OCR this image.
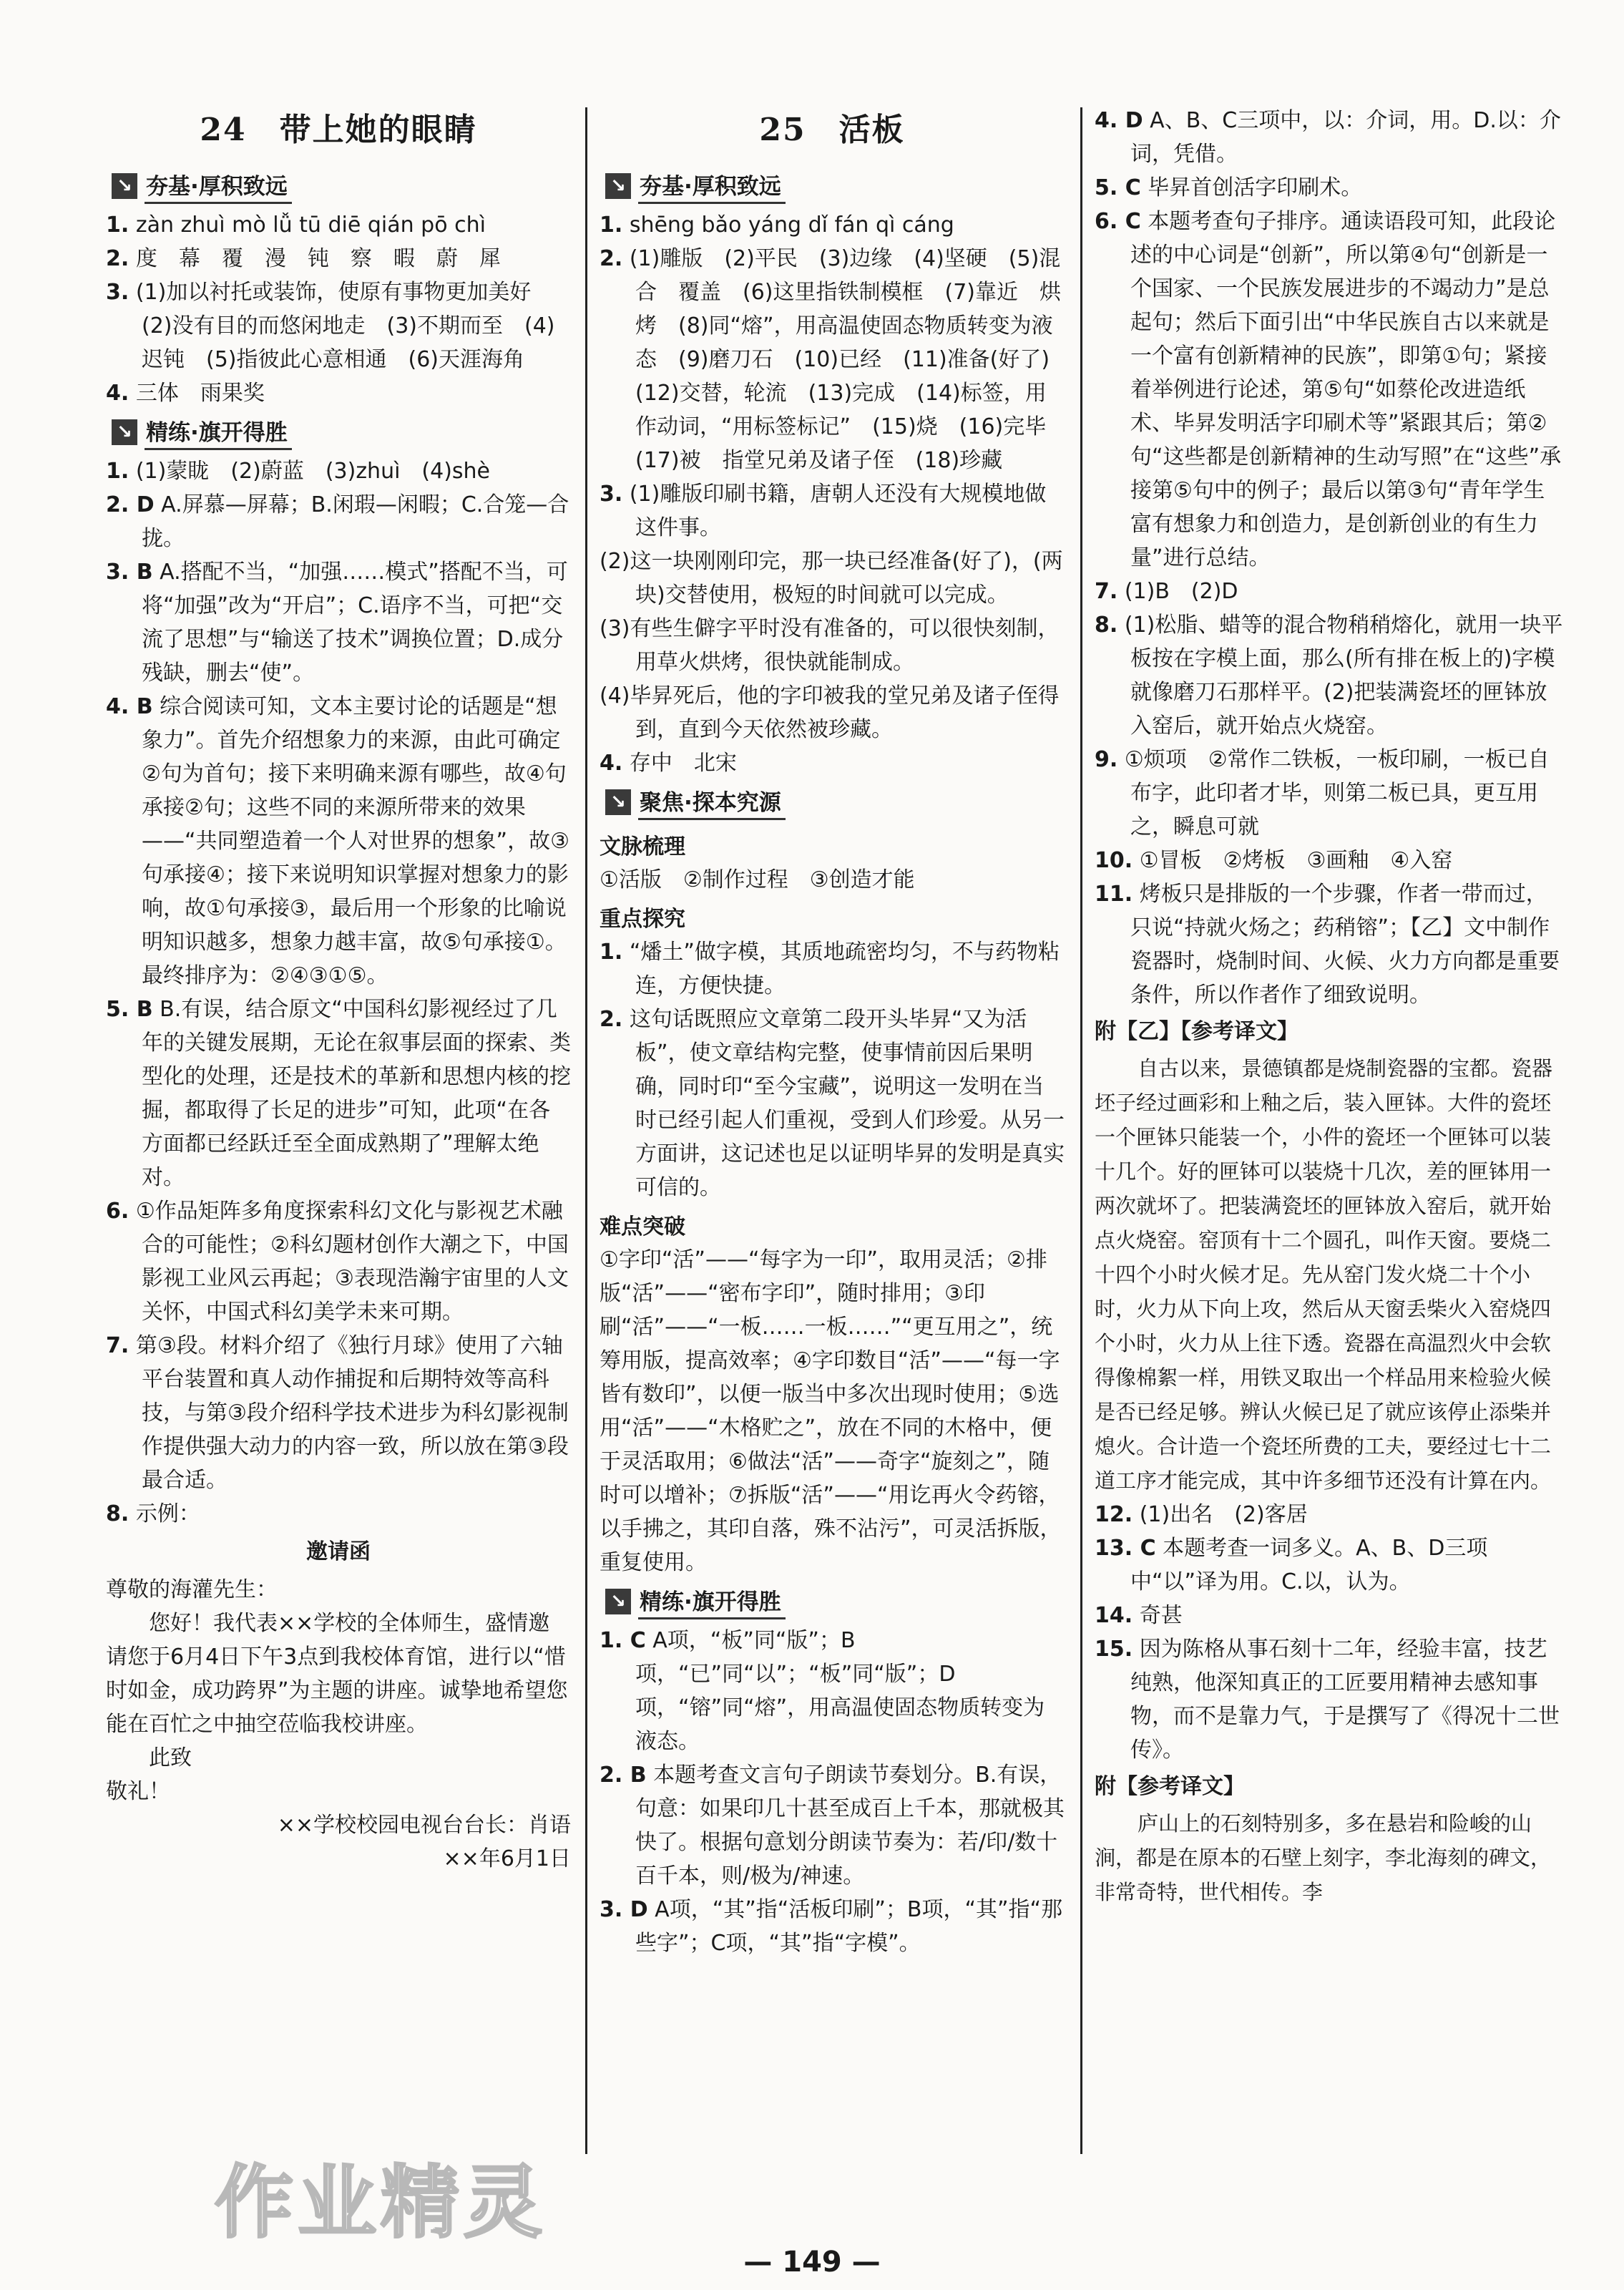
24　带上她的眼睛
↘ 夯基·厚积致远

1. zàn zhuì mò lǚ tū diē qián pō chì

2. 度　幕　覆　漫　钝　察　暇　蔚　犀

3. (1)加以衬托或装饰，使原有事物更加美好　(2)没有目的而悠闲地走　(3)不期而至　(4)迟钝　(5)指彼此心意相通　(6)天涯海角

4. 三体　雨果奖

↘ 精练·旗开得胜

1. (1)蒙眬　(2)蔚蓝　(3)zhuì　(4)shè

2. D A.屏慕—屏幕；B.闲瑕—闲暇；C.合笼—合拢。

3. B A.搭配不当，“加强……模式”搭配不当，可将“加强”改为“开启”；C.语序不当，可把“交流了思想”与“输送了技术”调换位置；D.成分残缺，删去“使”。

4. B 综合阅读可知，文本主要讨论的话题是“想象力”。首先介绍想象力的来源，由此可确定②句为首句；接下来明确来源有哪些，故④句承接②句；这些不同的来源所带来的效果——“共同塑造着一个人对世界的想象”，故③句承接④；接下来说明知识掌握对想象力的影响，故①句承接③，最后用一个形象的比喻说明知识越多，想象力越丰富，故⑤句承接①。最终排序为：②④③①⑤。

5. B B.有误，结合原文“中国科幻影视经过了几年的关键发展期，无论在叙事层面的探索、类型化的处理，还是技术的革新和思想内核的挖掘，都取得了长足的进步”可知，此项“在各方面都已经跃迁至全面成熟期了”理解太绝对。

6. ①作品矩阵多角度探索科幻文化与影视艺术融合的可能性；②科幻题材创作大潮之下，中国影视工业风云再起；③表现浩瀚宇宙里的人文关怀，中国式科幻美学未来可期。

7. 第③段。材料介绍了《独行月球》使用了六轴平台装置和真人动作捕捉和后期特效等高科技，与第③段介绍科学技术进步为科幻影视制作提供强大动力的内容一致，所以放在第③段最合适。

8. 示例：

邀请函

尊敬的海灌先生：

您好！我代表××学校的全体师生，盛情邀请您于6月4日下午3点到我校体育馆，进行以“惜时如金，成功跨界”为主题的讲座。诚挚地希望您能在百忙之中抽空莅临我校讲座。

此致

敬礼！

××学校校园电视台台长：肖语

××年6月1日

25　活板
↘ 夯基·厚积致远

1. shēng bǎo yáng dǐ fán qì cáng

2. (1)雕版　(2)平民　(3)边缘　(4)坚硬　(5)混合　覆盖　(6)这里指铁制模框　(7)靠近　烘烤　(8)同“熔”，用高温使固态物质转变为液态　(9)磨刀石　(10)已经　(11)准备(好了)　(12)交替，轮流　(13)完成　(14)标签，用作动词，“用标签标记”　(15)烧　(16)完毕　(17)被　指堂兄弟及诸子侄　(18)珍藏

3. (1)雕版印刷书籍，唐朝人还没有大规模地做这件事。

(2)这一块刚刚印完，那一块已经准备(好了)，(两块)交替使用，极短的时间就可以完成。

(3)有些生僻字平时没有准备的，可以很快刻制，用草火烘烤，很快就能制成。

(4)毕昇死后，他的字印被我的堂兄弟及诸子侄得到，直到今天依然被珍藏。

4. 存中　北宋

↘ 聚焦·探本究源
文脉梳理

①活版　②制作过程　③创造才能

重点探究

1. “燔土”做字模，其质地疏密均匀，不与药物粘连，方便快捷。

2. 这句话既照应文章第二段开头毕昇“又为活板”，使文章结构完整，使事情前因后果明确，同时印“至今宝藏”，说明这一发明在当时已经引起人们重视，受到人们珍爱。从另一方面讲，这记述也足以证明毕昇的发明是真实可信的。

难点突破

①字印“活”——“每字为一印”，取用灵活；②排版“活”——“密布字印”，随时排用；③印刷“活”——“一板……一板……”“更互用之”，统筹用版，提高效率；④字印数目“活”——“每一字皆有数印”，以便一版当中多次出现时使用；⑤选用“活”——“木格贮之”，放在不同的木格中，便于灵活取用；⑥做法“活”——奇字“旋刻之”，随时可以增补；⑦拆版“活”——“用讫再火令药镕，以手拂之，其印自落，殊不沾污”，可灵活拆版，重复使用。

↘ 精练·旗开得胜

1. C A项，“板”同“版”；B项，“已”同“以”；“板”同“版”；D项，“镕”同“熔”，用高温使固态物质转变为液态。

2. B 本题考查文言句子朗读节奏划分。B.有误，句意：如果印几十甚至成百上千本，那就极其快了。根据句意划分朗读节奏为：若/印/数十百千本，则/极为/神速。

3. D A项，“其”指“活板印刷”；B项，“其”指“那些字”；C项，“其”指“字模”。

4. D A、B、C三项中，以：介词，用。D.以：介词，凭借。

5. C 毕昇首创活字印刷术。

6. C 本题考查句子排序。通读语段可知，此段论述的中心词是“创新”，所以第④句“创新是一个国家、一个民族发展进步的不竭动力”是总起句；然后下面引出“中华民族自古以来就是一个富有创新精神的民族”，即第①句；紧接着举例进行论述，第⑤句“如蔡伦改进造纸术、毕昇发明活字印刷术等”紧跟其后；第②句“这些都是创新精神的生动写照”在“这些”承接第⑤句中的例子；最后以第③句“青年学生富有想象力和创造力，是创新创业的有生力量”进行总结。

7. (1)B　(2)D

8. (1)松脂、蜡等的混合物稍稍熔化，就用一块平板按在字模上面，那么(所有排在板上的)字模就像磨刀石那样平。(2)把装满瓷坯的匣钵放入窑后，就开始点火烧窑。

9. ①烦项　②常作二铁板，一板印刷，一板已自布字，此印者才毕，则第二板已具，更互用之，瞬息可就

10. ①冒板　②烤板　③画釉　④入窑

11. 烤板只是排版的一个步骤，作者一带而过，只说“持就火炀之；药稍镕”；【乙】文中制作瓷器时，烧制时间、火候、火力方向都是重要条件，所以作者作了细致说明。

附【乙】【参考译文】

自古以来，景德镇都是烧制瓷器的宝都。瓷器坯子经过画彩和上釉之后，装入匣钵。大件的瓷坯一个匣钵只能装一个，小件的瓷坯一个匣钵可以装十几个。好的匣钵可以装烧十几次，差的匣钵用一两次就坏了。把装满瓷坯的匣钵放入窑后，就开始点火烧窑。窑顶有十二个圆孔，叫作天窗。要烧二十四个小时火候才足。先从窑门发火烧二十个小时，火力从下向上攻，然后从天窗丢柴火入窑烧四个小时，火力从上往下透。瓷器在高温烈火中会软得像棉絮一样，用铁叉取出一个样品用来检验火候是否已经足够。辨认火候已足了就应该停止添柴并熄火。合计造一个瓷坯所费的工夫，要经过七十二道工序才能完成，其中许多细节还没有计算在内。

12. (1)出名　(2)客居

13. C 本题考查一词多义。A、B、D三项中“以”译为用。C.以，认为。

14. 奇甚

15. 因为陈格从事石刻十二年，经验丰富，技艺纯熟，他深知真正的工匠要用精神去感知事物，而不是靠力气，于是撰写了《得况十二世传》。

附【参考译文】

庐山上的石刻特别多，多在悬岩和险峻的山涧，都是在原本的石壁上刻字，李北海刻的碑文，非常奇特，世代相传。李

作业精灵
— 149 —
